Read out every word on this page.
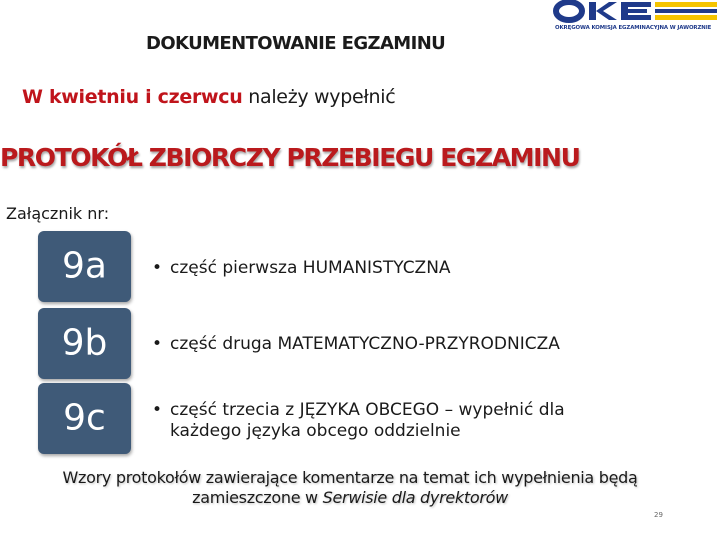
DOKUMENTOWANIE EGZAMINU
OKRĘGOWA KOMISJA EGZAMINACYJNA W JAWORZNIE
W kwietniu i czerwcu należy wypełnić
PROTOKÓŁ ZBIORCZY PRZEBIEGU EGZAMINU
Załącznik nr:
9a
9b
9c
• część pierwsza HUMANISTYCZNA
• część druga MATEMATYCZNO-PRZYRODNICZA
• część trzecia z JĘZYKA OBCEGO – wypełnić dla każdego języka obcego oddzielnie
Wzory protokołów zawierające komentarze na temat ich wypełnienia będą
zamieszczone w Serwisie dla dyrektorów
29
